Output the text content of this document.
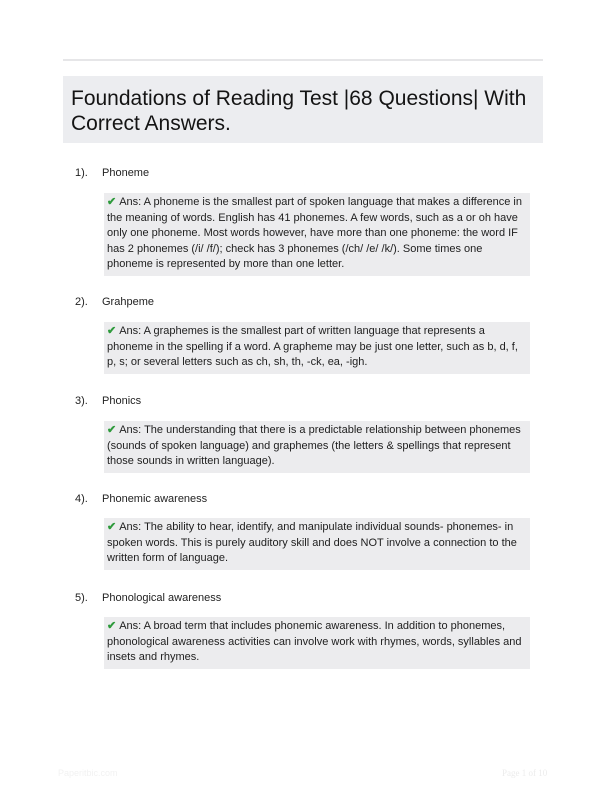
Foundations of Reading Test |68 Questions| With Correct Answers.
1). Phoneme
✔ Ans: A phoneme is the smallest part of spoken language that makes a difference in the meaning of words. English has 41 phonemes. A few words, such as a or oh have only one phoneme. Most words however, have more than one phoneme: the word IF has 2 phonemes (/i/ /f/); check has 3 phonemes (/ch/ /e/ /k/). Some times one phoneme is represented by more than one letter.
2). Grahpeme
✔ Ans: A graphemes is the smallest part of written language that represents a phoneme in the spelling if a word. A grapheme may be just one letter, such as b, d, f, p, s; or several letters such as ch, sh, th, -ck, ea, -igh.
3). Phonics
✔ Ans: The understanding that there is a predictable relationship between phonemes (sounds of spoken language) and graphemes (the letters & spellings that represent those sounds in written language).
4). Phonemic awareness
✔ Ans: The ability to hear, identify, and manipulate individual sounds- phonemes- in spoken words. This is purely auditory skill and does NOT involve a connection to the written form of language.
5). Phonological awareness
✔ Ans: A broad term that includes phonemic awareness. In addition to phonemes, phonological awareness activities can involve work with rhymes, words, syllables and insets and rhymes.
Paperitbic.com	Page 1 of 10
